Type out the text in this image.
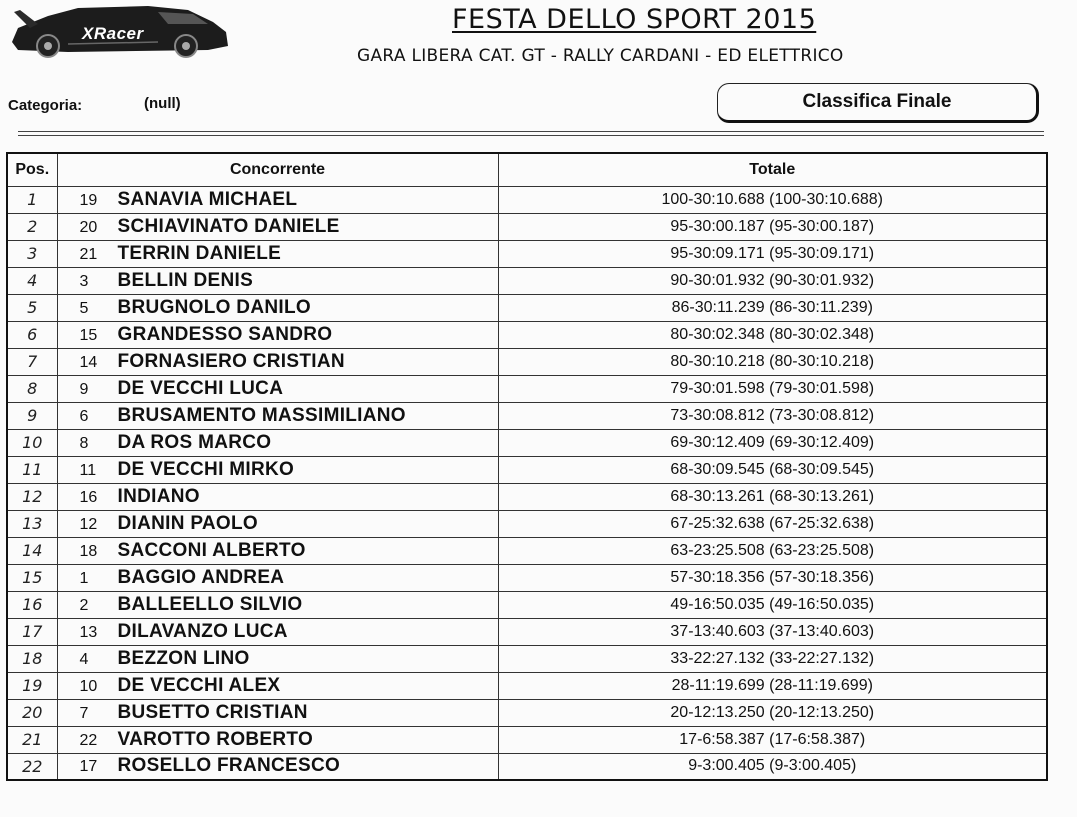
XRacer	FESTA DELLO SPORT 2015
GARA LIBERA CAT. GT - RALLY CARDANI - ED ELETTRICO
Categoria:	(null)	Classifica Finale
Pos.	Concorrente	Totale
1	19 SANAVIA MICHAEL	100-30:10.688 (100-30:10.688)
2	20 SCHIAVINATO DANIELE	95-30:00.187 (95-30:00.187)
3	21 TERRIN DANIELE	95-30:09.171 (95-30:09.171)
4	3 BELLIN DENIS	90-30:01.932 (90-30:01.932)
5	5 BRUGNOLO DANILO	86-30:11.239 (86-30:11.239)
6	15 GRANDESSO SANDRO	80-30:02.348 (80-30:02.348)
7	14 FORNASIERO CRISTIAN	80-30:10.218 (80-30:10.218)
8	9 DE VECCHI LUCA	79-30:01.598 (79-30:01.598)
9	6 BRUSAMENTO MASSIMILIANO	73-30:08.812 (73-30:08.812)
10	8 DA ROS MARCO	69-30:12.409 (69-30:12.409)
11	11 DE VECCHI MIRKO	68-30:09.545 (68-30:09.545)
12	16 INDIANO	68-30:13.261 (68-30:13.261)
13	12 DIANIN PAOLO	67-25:32.638 (67-25:32.638)
14	18 SACCONI ALBERTO	63-23:25.508 (63-23:25.508)
15	1 BAGGIO ANDREA	57-30:18.356 (57-30:18.356)
16	2 BALLEELLO SILVIO	49-16:50.035 (49-16:50.035)
17	13 DILAVANZO LUCA	37-13:40.603 (37-13:40.603)
18	4 BEZZON LINO	33-22:27.132 (33-22:27.132)
19	10 DE VECCHI ALEX	28-11:19.699 (28-11:19.699)
20	7 BUSETTO CRISTIAN	20-12:13.250 (20-12:13.250)
21	22 VAROTTO ROBERTO	17-6:58.387 (17-6:58.387)
22	17 ROSELLO FRANCESCO	9-3:00.405 (9-3:00.405)
